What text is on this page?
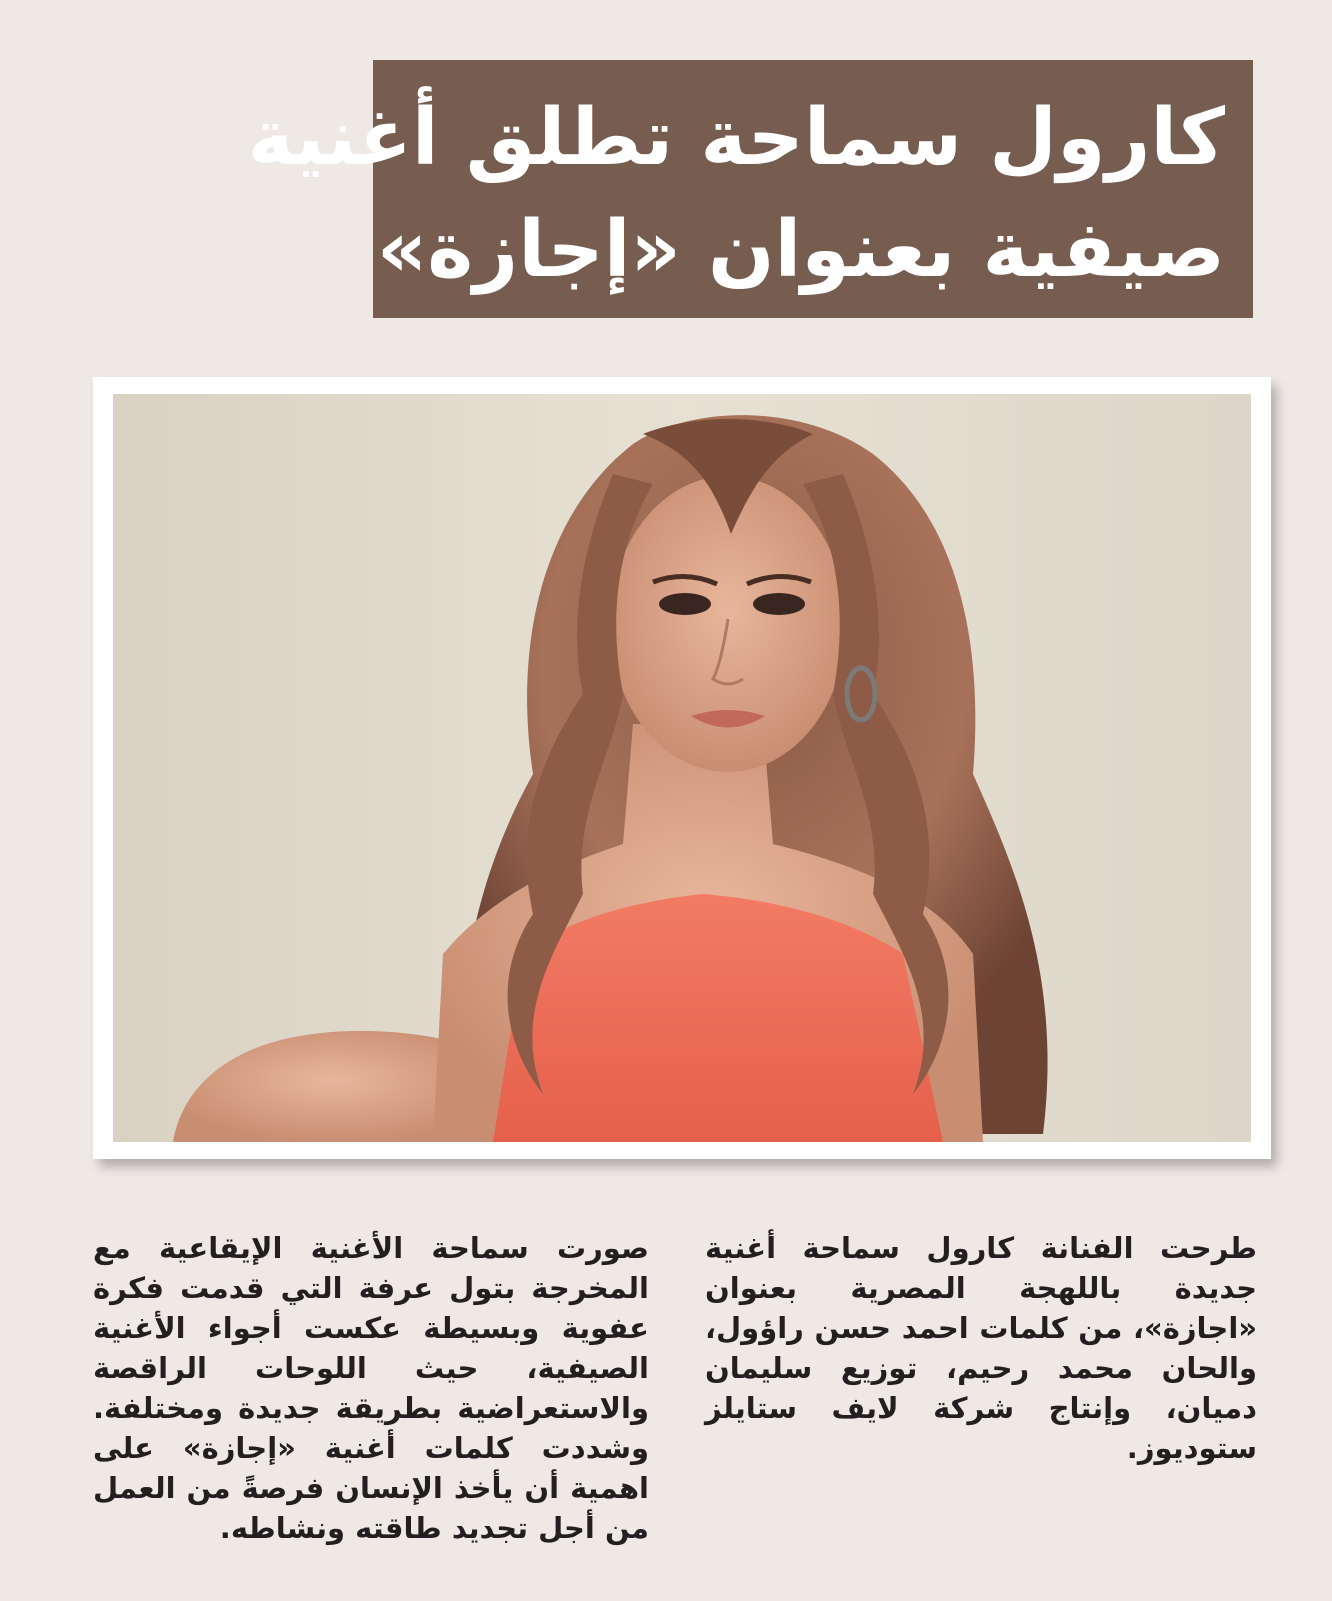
كارول سماحة تطلق أغنية
صيفية بعنوان «إجازة»

طرحت الفنانة كارول سماحة أغنية جديدة باللهجة المصرية بعنوان «اجازة»، من كلمات احمد حسن راؤول، والحان محمد رحيم، توزيع سليمان دميان، وإنتاج شركة لايف ستايلز ستوديوز.

صورت سماحة الأغنية الإيقاعية مع المخرجة بتول عرفة التي قدمت فكرة عفوية وبسيطة عكست أجواء الأغنية الصيفية، حيث اللوحات الراقصة والاستعراضية بطريقة جديدة ومختلفة. وشددت كلمات أغنية «إجازة» على اهمية أن يأخذ الإنسان فرصةً من العمل من أجل تجديد طاقته ونشاطه.
